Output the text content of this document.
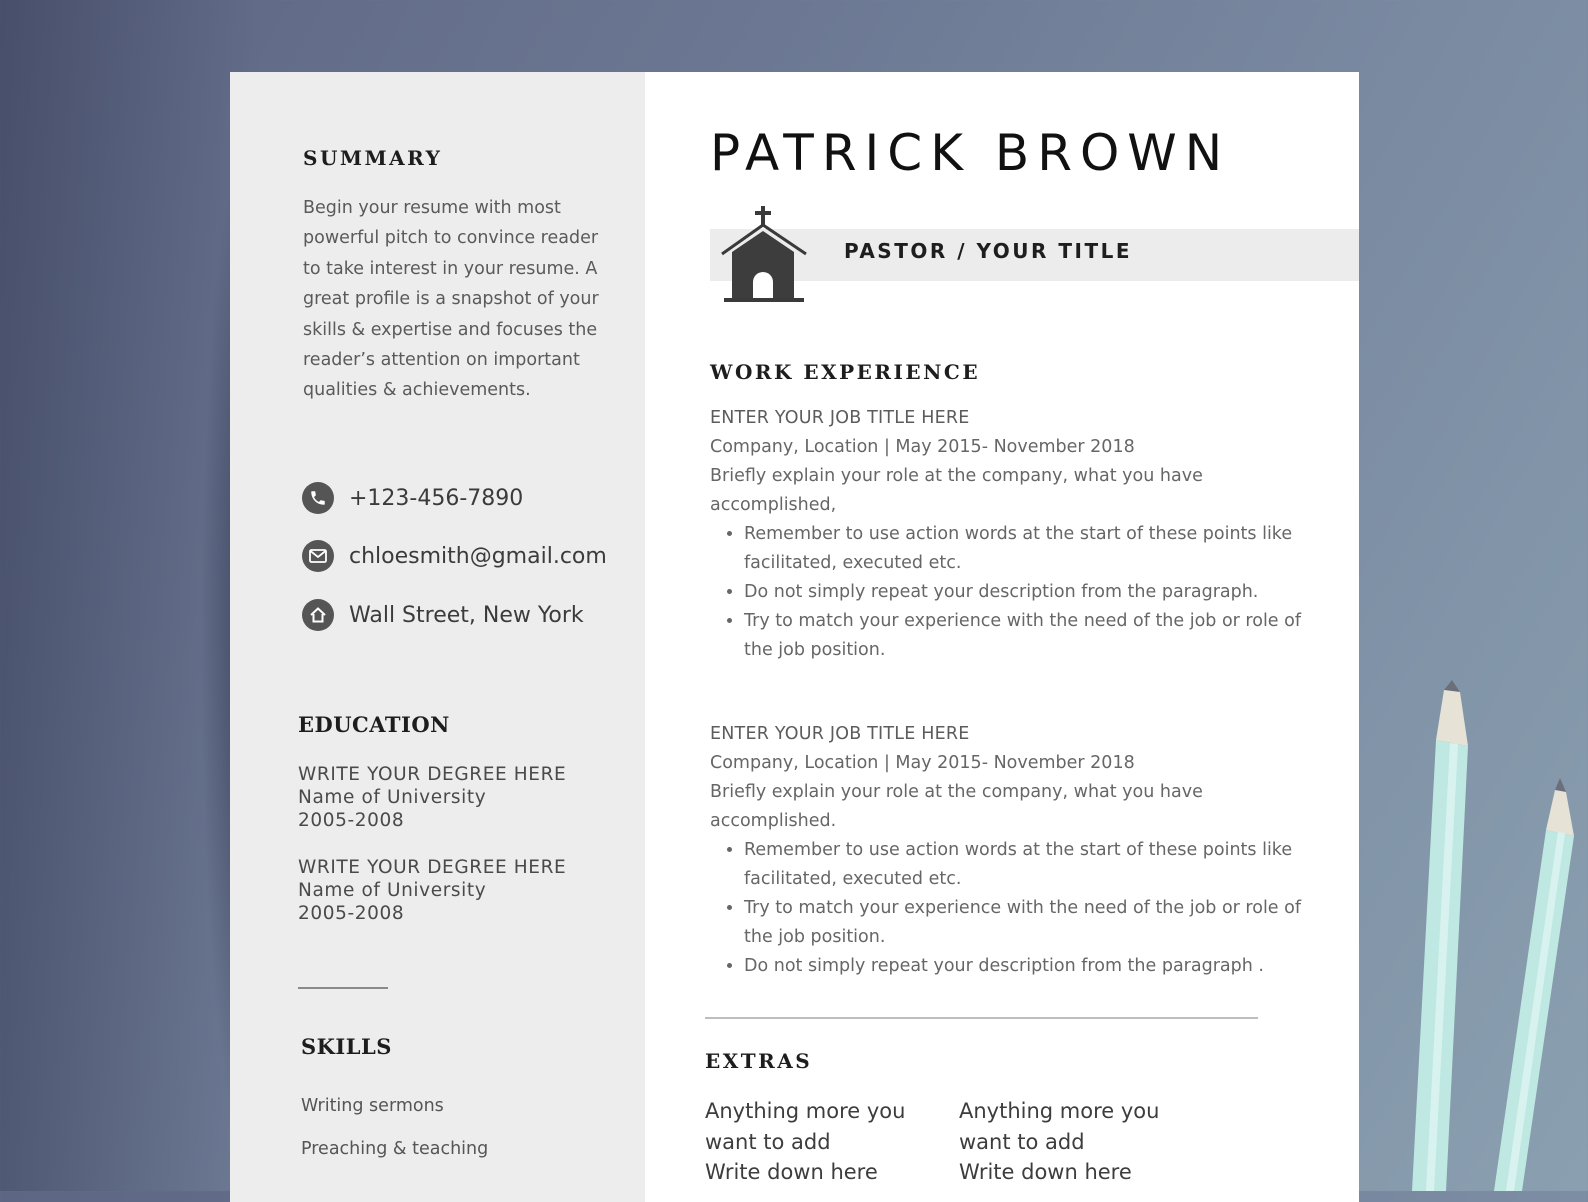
SUMMARY
Begin your resume with most powerful pitch to convince reader to take interest in your resume. A great profile is a snapshot of your skills & expertise and focuses the reader’s attention on important qualities & achievements.
+123-456-7890
chloesmith@gmail.com
Wall Street, New York
EDUCATION
WRITE YOUR DEGREE HERE
Name of University
2005-2008
WRITE YOUR DEGREE HERE
Name of University
2005-2008
SKILLS
Writing sermons
Preaching & teaching
PATRICK BROWN
PASTOR / YOUR TITLE
WORK EXPERIENCE
ENTER YOUR JOB TITLE HERE
Company, Location | May 2015- November 2018
Briefly explain your role at the company, what you have accomplished,
• Remember to use action words at the start of these points like facilitated, executed etc.
• Do not simply repeat your description from the paragraph.
• Try to match your experience with the need of the job or role of the job position.
ENTER YOUR JOB TITLE HERE
Company, Location | May 2015- November 2018
Briefly explain your role at the company, what you have accomplished.
• Remember to use action words at the start of these points like facilitated, executed etc.
• Try to match your experience with the need of the job or role of the job position.
• Do not simply repeat your description from the paragraph .
EXTRAS
Anything more you
want to add
Write down here
Anything more you
want to add
Write down here
